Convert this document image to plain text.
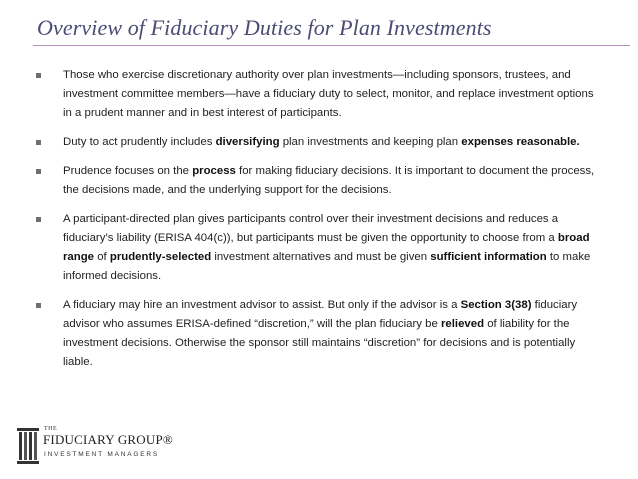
Overview of Fiduciary Duties for Plan Investments
Those who exercise discretionary authority over plan investments—including sponsors, trustees, and investment committee members—have a fiduciary duty to select, monitor, and replace investment options in a prudent manner and in best interest of participants.
Duty to act prudently includes diversifying plan investments and keeping plan expenses reasonable.
Prudence focuses on the process for making fiduciary decisions. It is important to document the process, the decisions made, and the underlying support for the decisions.
A participant-directed plan gives participants control over their investment decisions and reduces a fiduciary’s liability (ERISA 404(c)), but participants must be given the opportunity to choose from a broad range of prudently-selected investment alternatives and must be given sufficient information to make informed decisions.
A fiduciary may hire an investment advisor to assist. But only if the advisor is a Section 3(38) fiduciary advisor who assumes ERISA-defined “discretion,” will the plan fiduciary be relieved of liability for the investment decisions. Otherwise the sponsor still maintains “discretion” for decisions and is potentially liable.
THE
FIDUCIARY GROUP®
INVESTMENT MANAGERS
